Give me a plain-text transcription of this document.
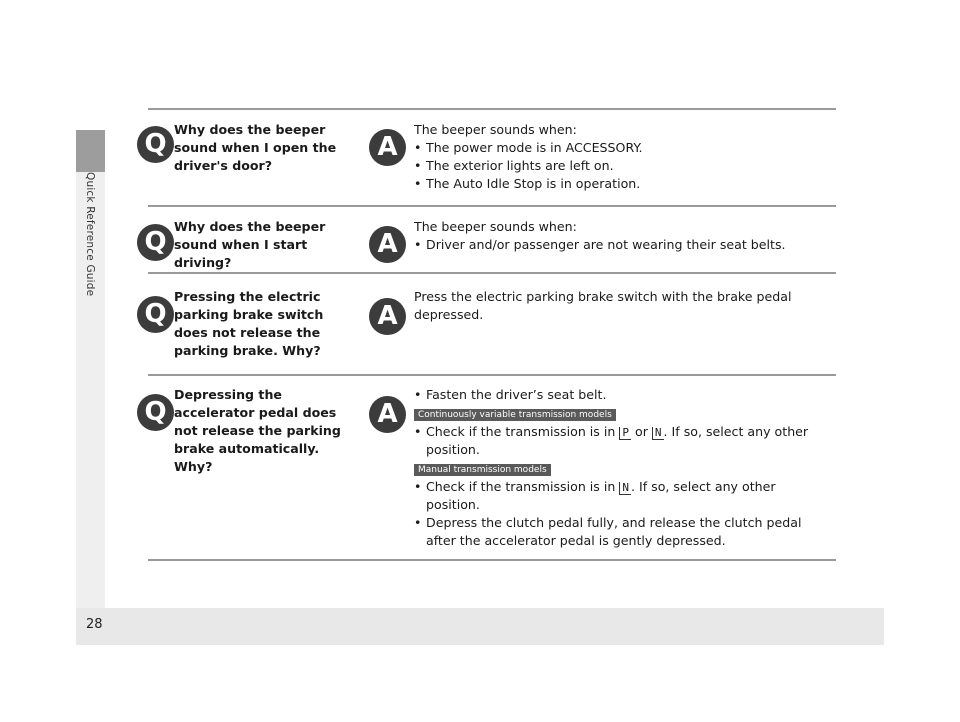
Quick Reference Guide
Q Why does the beeper sound when I open the driver's door?
A
The beeper sounds when:
• The power mode is in ACCESSORY.
• The exterior lights are left on.
• The Auto Idle Stop is in operation.
Q
Why does the beeper sound when I start driving?
A
The beeper sounds when:
• Driver and/or passenger are not wearing their seat belts.
Q
Pressing the electric parking brake switch does not release the parking brake. Why?
A
Press the electric parking brake switch with the brake pedal depressed.
Q
Depressing the accelerator pedal does not release the parking brake automatically. Why?
A
• Fasten the driver’s seat belt.
Continuously variable transmission models
• Check if the transmission is in P or N . If so, select any other position.
Manual transmission models
• Check if the transmission is in N . If so, select any other position.
• Depress the clutch pedal fully, and release the clutch pedal after the accelerator pedal is gently depressed.
28
